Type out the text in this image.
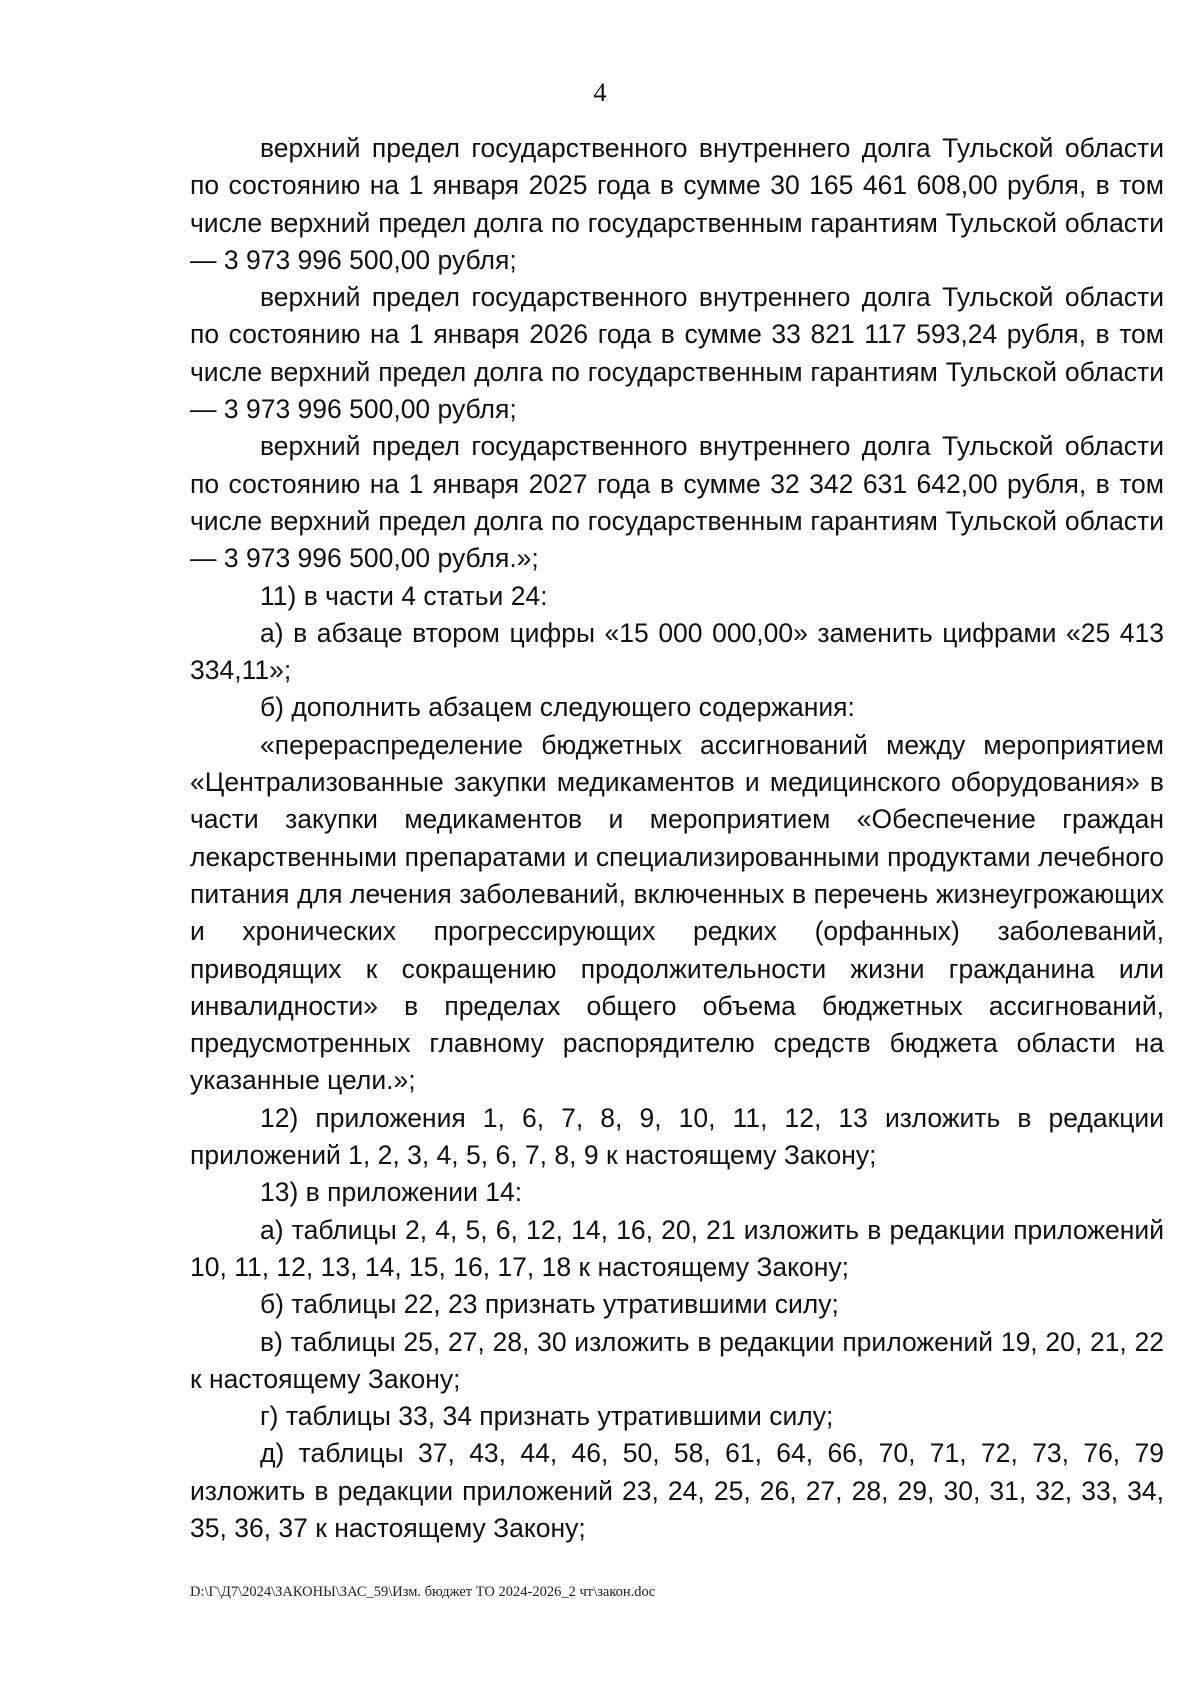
4

верхний предел государственного внутреннего долга Тульской области по состоянию на 1 января 2025 года в сумме 30 165 461 608,00 рубля, в том числе верхний предел долга по государственным гарантиям Тульской области — 3 973 996 500,00 рубля;

верхний предел государственного внутреннего долга Тульской области по состоянию на 1 января 2026 года в сумме 33 821 117 593,24 рубля, в том числе верхний предел долга по государственным гарантиям Тульской области — 3 973 996 500,00 рубля;

верхний предел государственного внутреннего долга Тульской области по состоянию на 1 января 2027 года в сумме 32 342 631 642,00 рубля, в том числе верхний предел долга по государственным гарантиям Тульской области — 3 973 996 500,00 рубля.»;

11) в части 4 статьи 24:

а) в абзаце втором цифры «15 000 000,00» заменить цифрами «25 413 334,11»;

б) дополнить абзацем следующего содержания:

«перераспределение бюджетных ассигнований между мероприятием «Централизованные закупки медикаментов и медицинского оборудования» в части закупки медикаментов и мероприятием «Обеспечение граждан лекарственными препаратами и специализированными продуктами лечебного питания для лечения заболеваний, включенных в перечень жизнеугрожающих и хронических прогрессирующих редких (орфанных) заболеваний, приводящих к сокращению продолжительности жизни гражданина или инвалидности» в пределах общего объема бюджетных ассигнований, предусмотренных главному распорядителю средств бюджета области на указанные цели.»;

12) приложения 1, 6, 7, 8, 9, 10, 11, 12, 13 изложить в редакции приложений 1, 2, 3, 4, 5, 6, 7, 8, 9 к настоящему Закону;

13) в приложении 14:

а) таблицы 2, 4, 5, 6, 12, 14, 16, 20, 21 изложить в редакции приложений 10, 11, 12, 13, 14, 15, 16, 17, 18 к настоящему Закону;

б) таблицы 22, 23 признать утратившими силу;

в) таблицы 25, 27, 28, 30 изложить в редакции приложений 19, 20, 21, 22 к настоящему Закону;

г) таблицы 33, 34 признать утратившими силу;

д) таблицы 37, 43, 44, 46, 50, 58, 61, 64, 66, 70, 71, 72, 73, 76, 79 изложить в редакции приложений 23, 24, 25, 26, 27, 28, 29, 30, 31, 32, 33, 34, 35, 36, 37 к настоящему Закону;

D:\Г\Д7\2024\ЗАКОНЫ\ЗАС_59\Изм. бюджет ТО 2024-2026_2 чт\закон.doc
